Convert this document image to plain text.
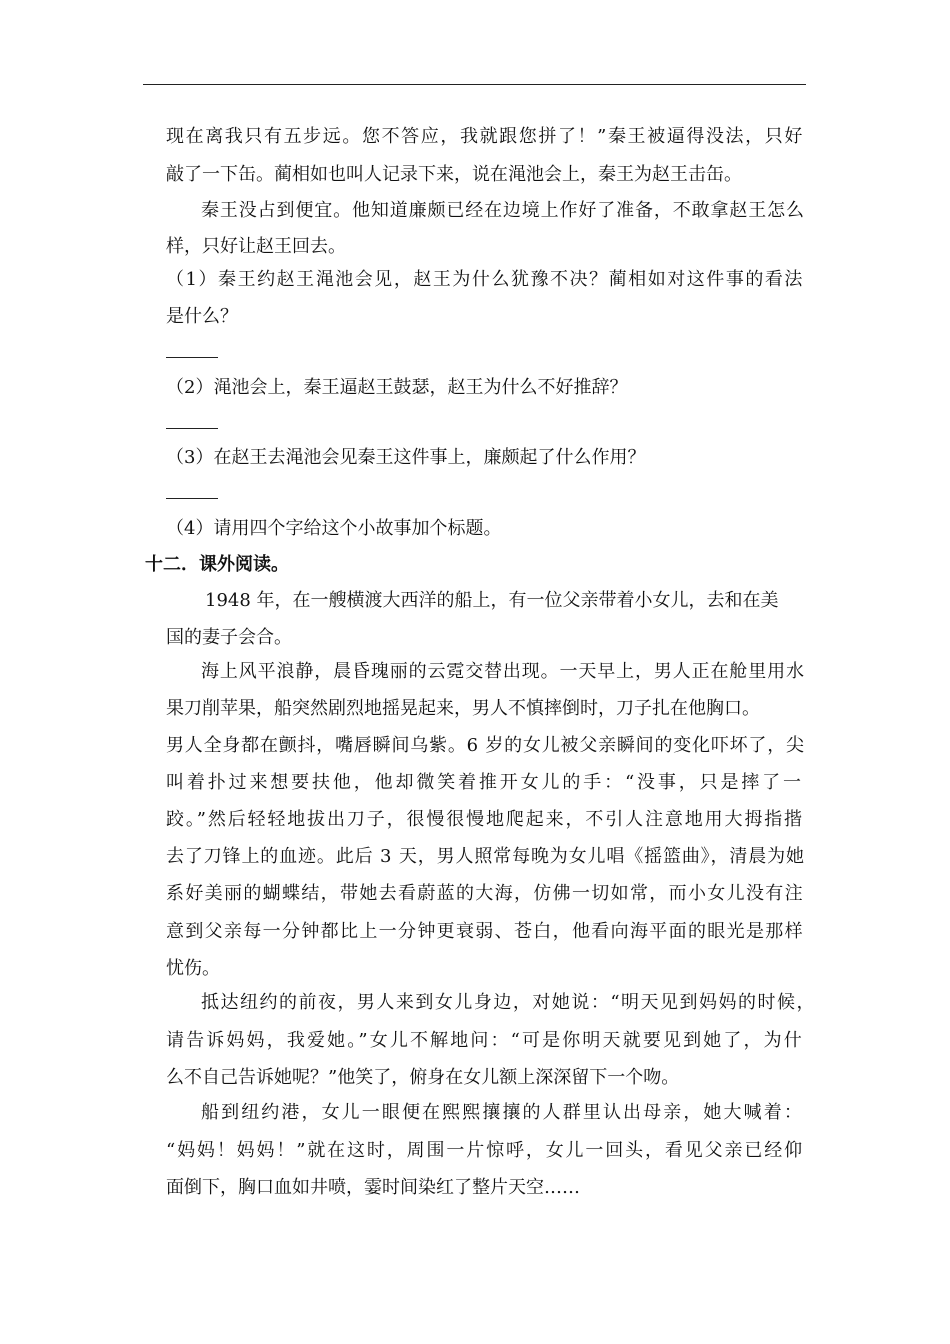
现在离我只有五步远。您不答应，我就跟您拼了！”秦王被逼得没法，只好
敲了一下缶。蔺相如也叫人记录下来，说在渑池会上，秦王为赵王击缶。
秦王没占到便宜。他知道廉颇已经在边境上作好了准备，不敢拿赵王怎么
样，只好让赵王回去。
（1）秦王约赵王渑池会见，赵王为什么犹豫不决？蔺相如对这件事的看法
是什么？
（2）渑池会上，秦王逼赵王鼓瑟，赵王为什么不好推辞？
（3）在赵王去渑池会见秦王这件事上，廉颇起了什么作用？
（4）请用四个字给这个小故事加个标题。
十二．课外阅读。
1948 年，在一艘横渡大西洋的船上，有一位父亲带着小女儿，去和在美
国的妻子会合。
海上风平浪静，晨昏瑰丽的云霓交替出现。一天早上，男人正在舱里用水
果刀削苹果，船突然剧烈地摇晃起来，男人不慎摔倒时，刀子扎在他胸口。
男人全身都在颤抖，嘴唇瞬间乌紫。6 岁的女儿被父亲瞬间的变化吓坏了，尖
叫着扑过来想要扶他，他却微笑着推开女儿的手：“没事，只是摔了一
跤。”然后轻轻地拔出刀子，很慢很慢地爬起来，不引人注意地用大拇指揩
去了刀锋上的血迹。此后 3 天，男人照常每晚为女儿唱《摇篮曲》，清晨为她
系好美丽的蝴蝶结，带她去看蔚蓝的大海，仿佛一切如常，而小女儿没有注
意到父亲每一分钟都比上一分钟更衰弱、苍白，他看向海平面的眼光是那样
忧伤。
抵达纽约的前夜，男人来到女儿身边，对她说：“明天见到妈妈的时候，
请告诉妈妈，我爱她。”女儿不解地问：“可是你明天就要见到她了，为什
么不自己告诉她呢？”他笑了，俯身在女儿额上深深留下一个吻。
船到纽约港，女儿一眼便在熙熙攘攘的人群里认出母亲，她大喊着：
“妈妈！妈妈！”就在这时，周围一片惊呼，女儿一回头，看见父亲已经仰
面倒下，胸口血如井喷，霎时间染红了整片天空……
